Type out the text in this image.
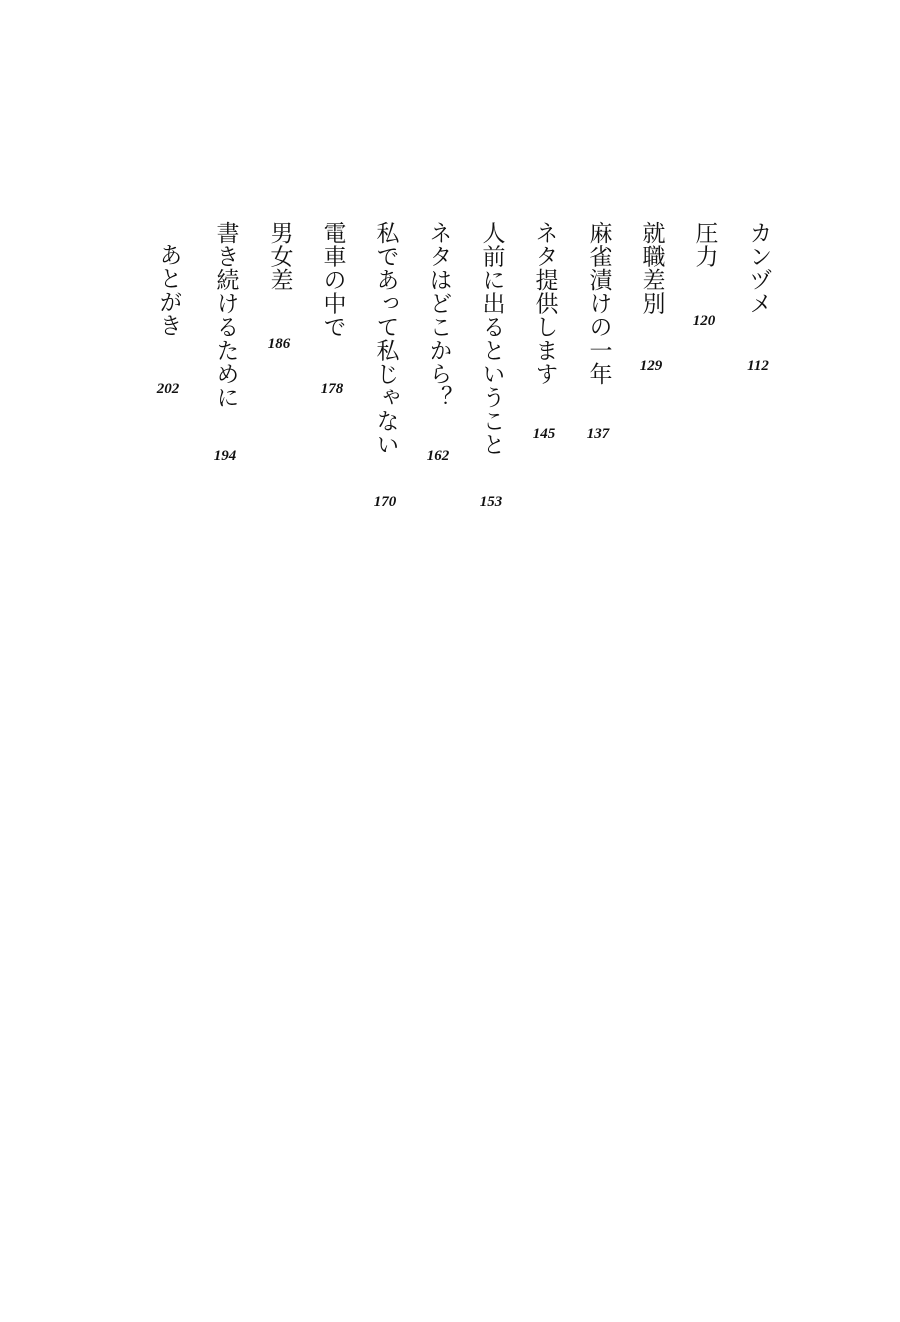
カンヅメ
112
圧力
120
就職差別
129
麻雀漬けの一年
137
ネタ提供します
145
人前に出るということ
153
ネタはどこから？
162
私であって私じゃない
170
電車の中で
178
男女差
186
書き続けるために
194
あとがき
202
